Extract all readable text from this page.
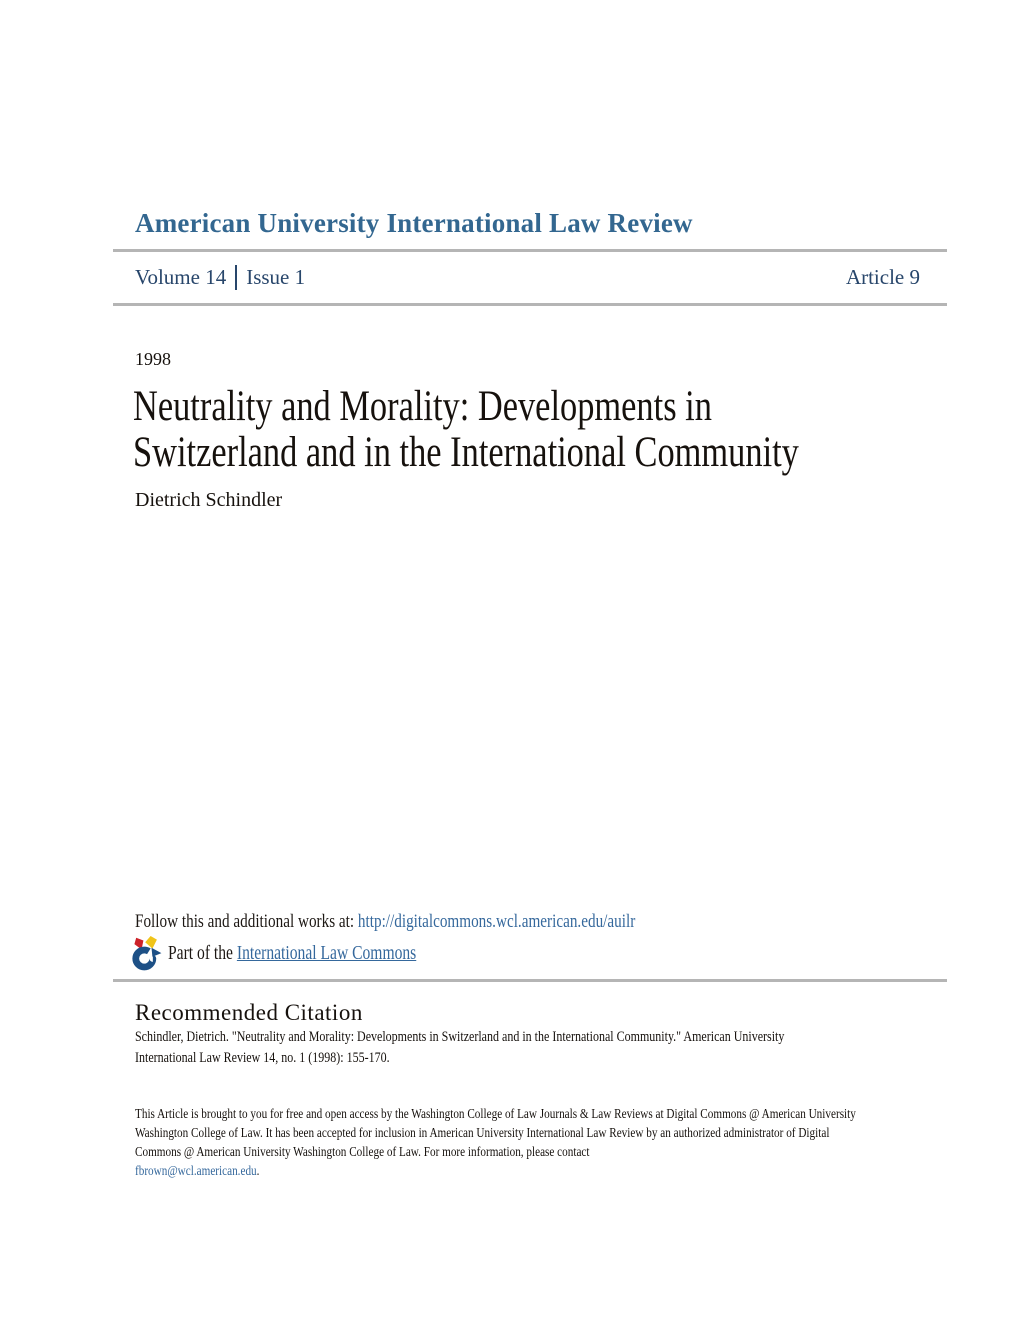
American University International Law Review
Volume 14 Issue 1	Article 9
1998
Neutrality and Morality: Developments in
Switzerland and in the International Community
Dietrich Schindler
Follow this and additional works at: http://digitalcommons.wcl.american.edu/auilr
Part of the International Law Commons
Recommended Citation
Schindler, Dietrich. "Neutrality and Morality: Developments in Switzerland and in the International Community." American University International Law Review 14, no. 1 (1998): 155-170.
This Article is brought to you for free and open access by the Washington College of Law Journals & Law Reviews at Digital Commons @ American University Washington College of Law. It has been accepted for inclusion in American University International Law Review by an authorized administrator of Digital Commons @ American University Washington College of Law. For more information, please contact
fbrown@wcl.american.edu.
